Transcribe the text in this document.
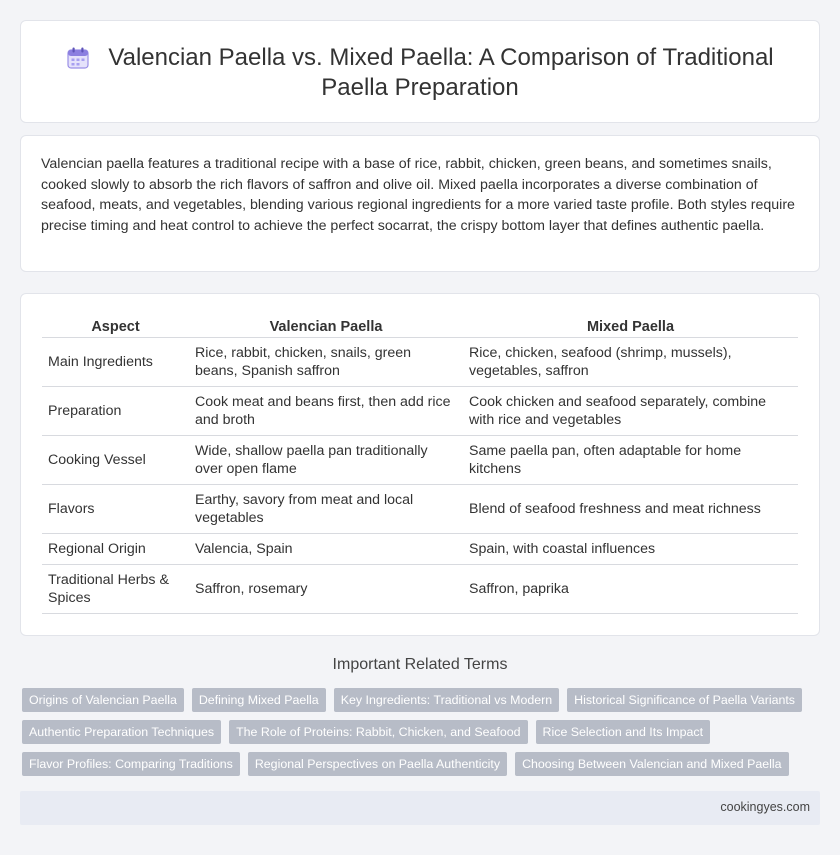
Valencian Paella vs. Mixed Paella: A Comparison of Traditional Paella Preparation

Valencian paella features a traditional recipe with a base of rice, rabbit, chicken, green beans, and sometimes snails, cooked slowly to absorb the rich flavors of saffron and olive oil. Mixed paella incorporates a diverse combination of seafood, meats, and vegetables, blending various regional ingredients for a more varied taste profile. Both styles require precise timing and heat control to achieve the perfect socarrat, the crispy bottom layer that defines authentic paella.

Aspect	Valencian Paella	Mixed Paella
Main Ingredients	Rice, rabbit, chicken, snails, green beans, Spanish saffron	Rice, chicken, seafood (shrimp, mussels), vegetables, saffron
Preparation	Cook meat and beans first, then add rice and broth	Cook chicken and seafood separately, combine with rice and vegetables
Cooking Vessel	Wide, shallow paella pan traditionally over open flame	Same paella pan, often adaptable for home kitchens
Flavors	Earthy, savory from meat and local vegetables	Blend of seafood freshness and meat richness
Regional Origin	Valencia, Spain	Spain, with coastal influences
Traditional Herbs & Spices	Saffron, rosemary	Saffron, paprika
Important Related Terms
Origins of Valencian Paella	Defining Mixed Paella	Key Ingredients: Traditional vs Modern	Historical Significance of Paella Variants
Authentic Preparation Techniques	The Role of Proteins: Rabbit, Chicken, and Seafood	Rice Selection and Its Impact
Flavor Profiles: Comparing Traditions	Regional Perspectives on Paella Authenticity	Choosing Between Valencian and Mixed Paella
cookingyes.com
